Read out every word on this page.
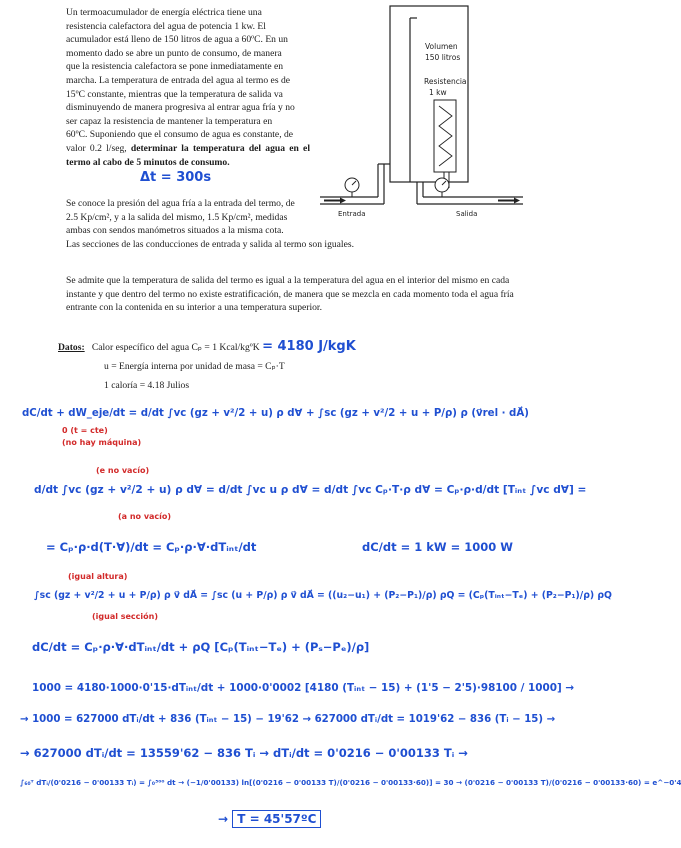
Un termoacumulador de energía eléctrica tiene una
resistencia calefactora del agua de potencia 1 kw. El
acumulador está lleno de 150 litros de agua a 60ºC. En un
momento dado se abre un punto de consumo, de manera
que la resistencia calefactora se pone inmediatamente en
marcha. La temperatura de entrada del agua al termo es de
15ºC constante, mientras que la temperatura de salida va
disminuyendo de manera progresiva al entrar agua fría y no
ser capaz la resistencia de mantener la temperatura en
60ºC. Suponiendo que el consumo de agua es constante, de
valor 0.2 l/seg, determinar la temperatura del agua en el termo al cabo de 5 minutos de consumo.
Δt = 300s
Se conoce la presión del agua fría a la entrada del termo, de
2.5 Kp/cm², y a la salida del mismo, 1.5 Kp/cm², medidas
ambas con sendos manómetros situados a la misma cota.
Las secciones de las conducciones de entrada y salida al termo son iguales.
Se admite que la temperatura de salida del termo es igual a la temperatura del agua en el interior del mismo en cada
instante y que dentro del termo no existe estratificación, de manera que se mezcla en cada momento toda el agua fría
entrante con la contenida en su interior a una temperatura superior.
Volumen
150 litros
Resistencia
1 kw
Entrada	Salida
Datos: Calor específico del agua Cₚ = 1 Kcal/kgºK = 4180 J/kgK
u = Energía interna por unidad de masa = Cₚ·T
1 caloría = 4.18 Julios
dC/dt + dW_eje/dt = d/dt ∫vc (gz + v²/2 + u) ρ d∀ + ∫sc (gz + v²/2 + u + P/ρ) ρ (v⃗rel · dA⃗)
0 (t = cte)
(no hay máquina)
(e no vacío)
d/dt ∫vc (gz + v²/2 + u) ρ d∀ = d/dt ∫vc u ρ d∀ = d/dt ∫vc Cₚ·T·ρ d∀ = Cₚ·ρ·d/dt [Tᵢₙₜ ∫vc d∀] =
(a no vacío)
= Cₚ·ρ·d(T·∀)/dt = Cₚ·ρ·∀·dTᵢₙₜ/dt	dC/dt = 1 kW = 1000 W
(igual altura)
∫sc (gz + v²/2 + u + P/ρ) ρ v⃗ dA⃗ = ∫sc (u + P/ρ) ρ v⃗ dA⃗ = ((u₂−u₁) + (P₂−P₁)/ρ) ρQ = (Cₚ(Tᵢₙₜ−Tₑ) + (P₂−P₁)/ρ) ρQ
(igual sección)
dC/dt = Cₚ·ρ·∀·dTᵢₙₜ/dt + ρQ [Cₚ(Tᵢₙₜ−Tₑ) + (Pₛ−Pₑ)/ρ]
1000 = 4180·1000·0'15·dTᵢₙₜ/dt + 1000·0'0002 [4180 (Tᵢₙₜ − 15) + (1'5 − 2'5)·98100 / 1000] →
→ 1000 = 627000 dTᵢ/dt + 836 (Tᵢₙₜ − 15) − 19'62 → 627000 dTᵢ/dt = 1019'62 − 836 (Tᵢ − 15) →
→ 627000 dTᵢ/dt = 13559'62 − 836 Tᵢ → dTᵢ/dt = 0'0216 − 0'00133 Tᵢ →
∫₆₀ᵀ dTᵢ/(0'0216 − 0'00133 Tᵢ) = ∫₀³⁰⁰ dt → (−1/0'00133) ln[(0'0216 − 0'00133 T)/(0'0216 − 0'00133·60)] = 30 → (0'0216 − 0'00133 T)/(0'0216 − 0'00133·60) = e^−0'4
→ T = 45'57ºC
